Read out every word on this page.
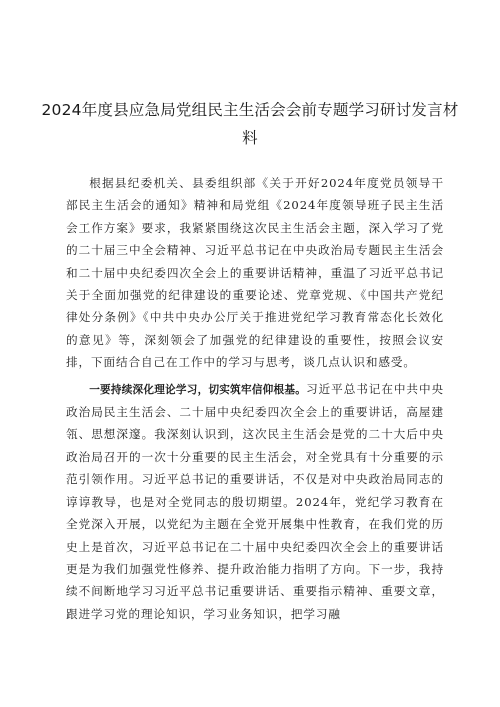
2024年度县应急局党组民主生活会会前专题学习研讨发言材料

根据县纪委机关、县委组织部《关于开好2024年度党员领导干部民主生活会的通知》精神和局党组《2024年度领导班子民主生活会工作方案》要求，我紧紧围绕这次民主生活会主题，深入学习了党的二十届三中全会精神、习近平总书记在中央政治局专题民主生活会和二十届中央纪委四次全会上的重要讲话精神，重温了习近平总书记关于全面加强党的纪律建设的重要论述、党章党规、《中国共产党纪律处分条例》《中共中央办公厅关于推进党纪学习教育常态化长效化的意见》等，深刻领会了加强党的纪律建设的重要性，按照会议安排，下面结合自己在工作中的学习与思考，谈几点认识和感受。

一要持续深化理论学习，切实筑牢信仰根基。习近平总书记在中共中央政治局民主生活会、二十届中央纪委四次全会上的重要讲话，高屋建瓴、思想深邃。我深刻认识到，这次民主生活会是党的二十大后中央政治局召开的一次十分重要的民主生活会，对全党具有十分重要的示范引领作用。习近平总书记的重要讲话，不仅是对中央政治局同志的谆谆教导，也是对全党同志的殷切期望。2024年，党纪学习教育在全党深入开展，以党纪为主题在全党开展集中性教育，在我们党的历史上是首次，习近平总书记在二十届中央纪委四次全会上的重要讲话更是为我们加强党性修养、提升政治能力指明了方向。下一步，我持续不间断地学习习近平总书记重要讲话、重要指示精神、重要文章，跟进学习党的理论知识，学习业务知识，把学习融
